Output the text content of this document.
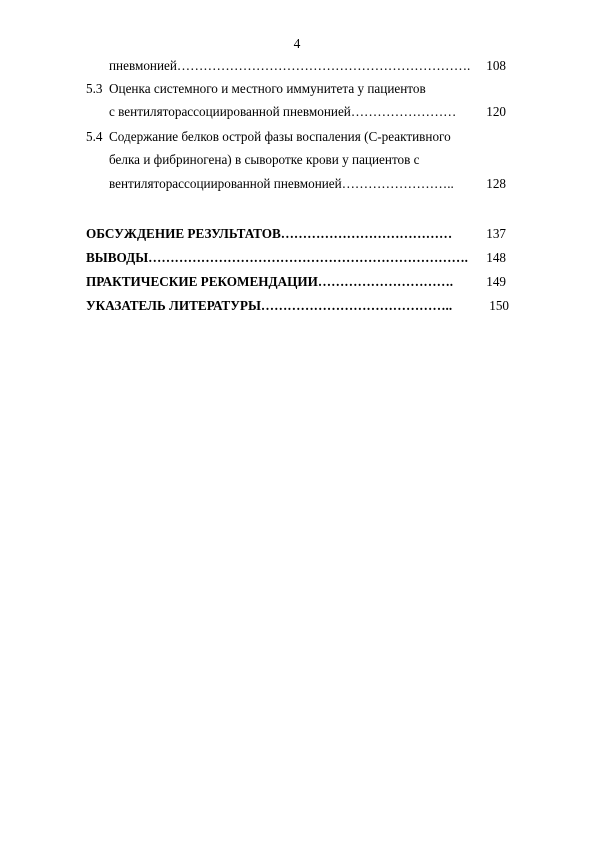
4
пневмонией………………………………………………………….	108
5.3 Оценка системного и местного иммунитета у пациентов
с вентиляторассоциированной пневмонией……………………	120
5.4 Содержание белков острой фазы воспаления (С-реактивного
белка и фибриногена) в сыворотке крови у пациентов с
вентиляторассоциированной пневмонией……………………..	128
ОБСУЖДЕНИЕ РЕЗУЛЬТАТОВ…………………………………	137
ВЫВОДЫ……………………………………………………………….	148
ПРАКТИЧЕСКИЕ РЕКОМЕНДАЦИИ………………………….	149
УКАЗАТЕЛЬ ЛИТЕРАТУРЫ……………………………………..	150
